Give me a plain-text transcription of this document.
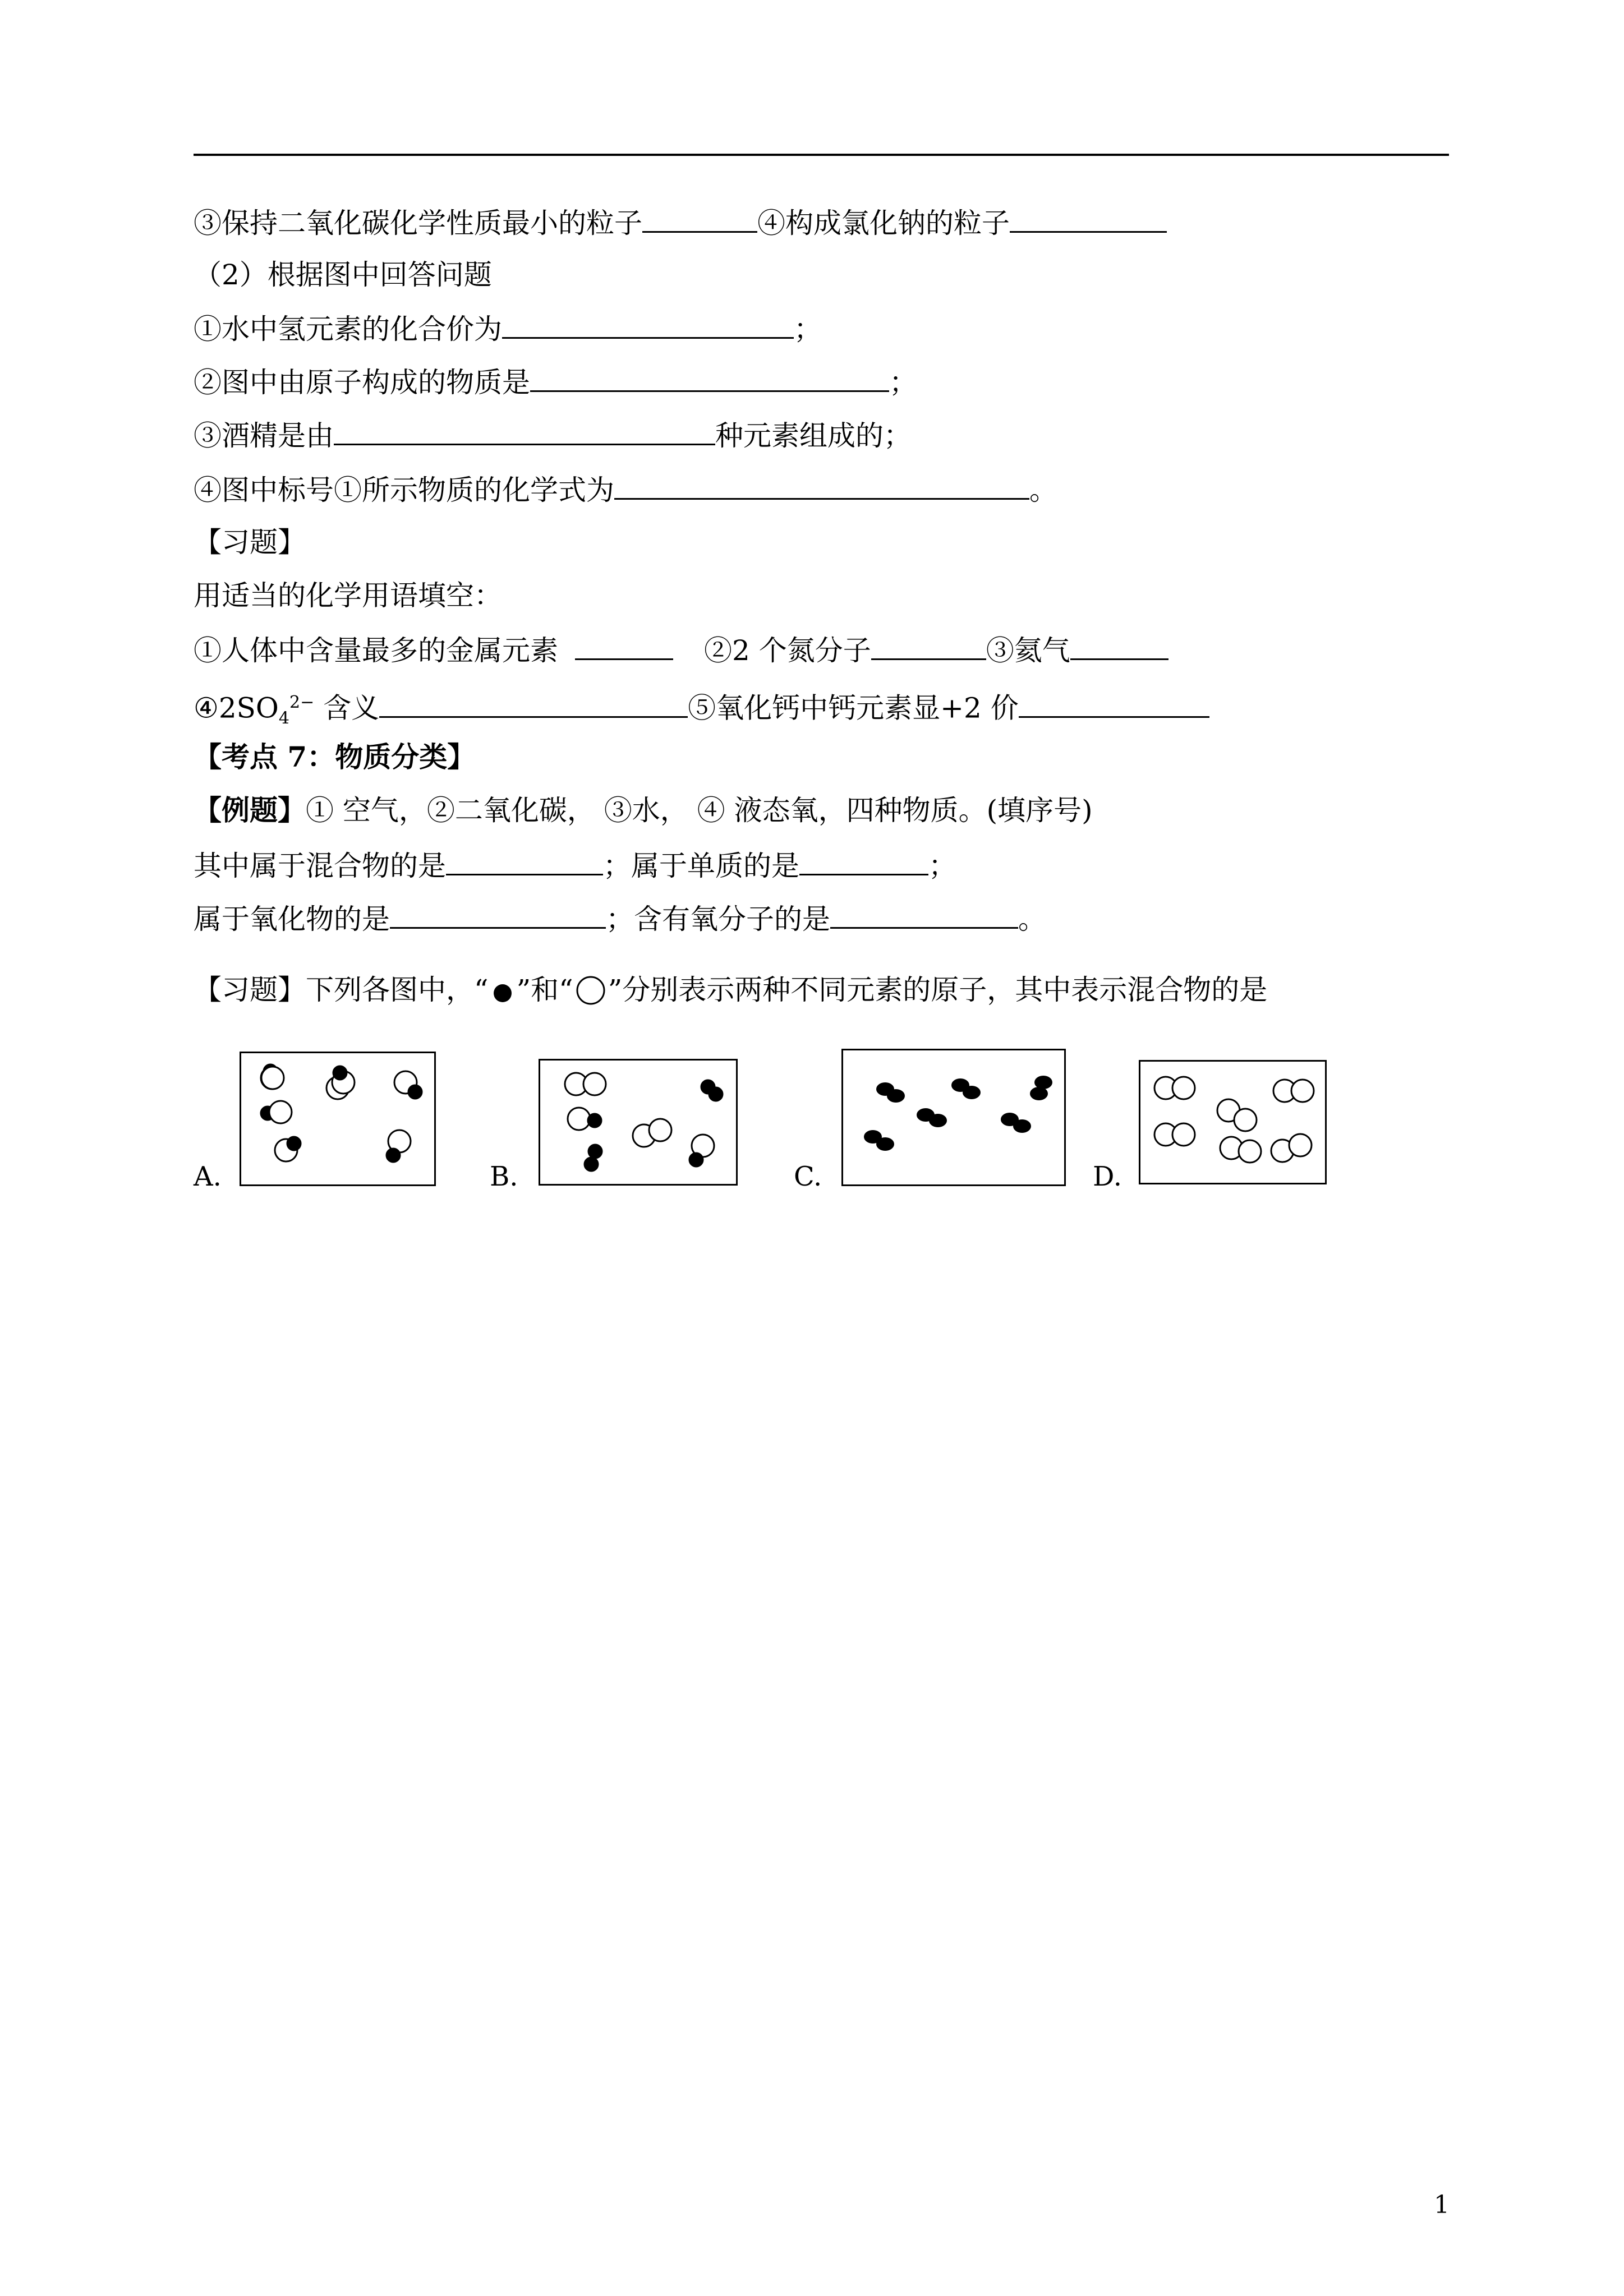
③保持二氧化碳化学性质最小的粒子	④构成氯化钠的粒子
（2）根据图中回答问题
①水中氢元素的化合价为	；
②图中由原子构成的物质是	；
③酒精是由	种元素组成的；
④图中标号①所示物质的化学式为	。
【习题】
用适当的化学用语填空：
①人体中含量最多的金属元素	②2 个氮分子	③氦气
$④2SO_4^{2-}$ 含义	⑤氧化钙中钙元素显+2 价
【考点 7：物质分类】
【例题】① 空气，②二氧化碳， ③水， ④ 液态氧，四种物质。(填序号)
其中属于混合物的是	；属于单质的是	；
属于氧化物的是	；含有氧分子的是	。
【习题】下列各图中，“ ”和“ ”分别表示两种不同元素的原子，其中表示混合物的是
A.	B.	C.	D.
1
